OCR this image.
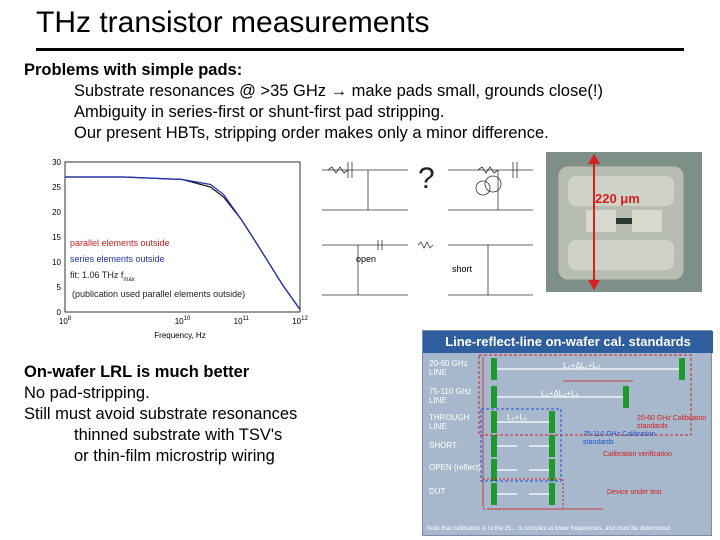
THz transistor measurements
Problems with simple pads:
Substrate resonances @ >35 GHz → make pads small, grounds close(!)
Ambiguity in series-first or shunt-first pad stripping.
Our present HBTs, stripping order makes only a minor difference.
30
25
20
15
10
5
0
$10^8$	$10^{10}$	$10^{11}$	$10^{12}$
Frequency, Hz
parallel elements outside
series elements outside
fit: 1.06 THz $f_{max}$
(publication used parallel elements outside)
?
open
short
220 μm
On-wafer LRL is much better
No pad-stripping.
Still must avoid substrate resonances
thinned substrate with TSV's
or thin-film microstrip wiring
Line-reflect-line on-wafer cal. standards
20-60 GHz LINE
75-110 GHz LINE
THROUGH LINE
SHORT
OPEN (reflect)
DUT
L₀+ΔL₁+L₀
L₀+ΔL₂+L₀
L₀+L₀	20-60 GHz Calibration standards
75-110 GHz Calibration standards
Calibration verification
Device under test
Note that calibration is to the 25... is complex at lower frequencies, and must be determined
